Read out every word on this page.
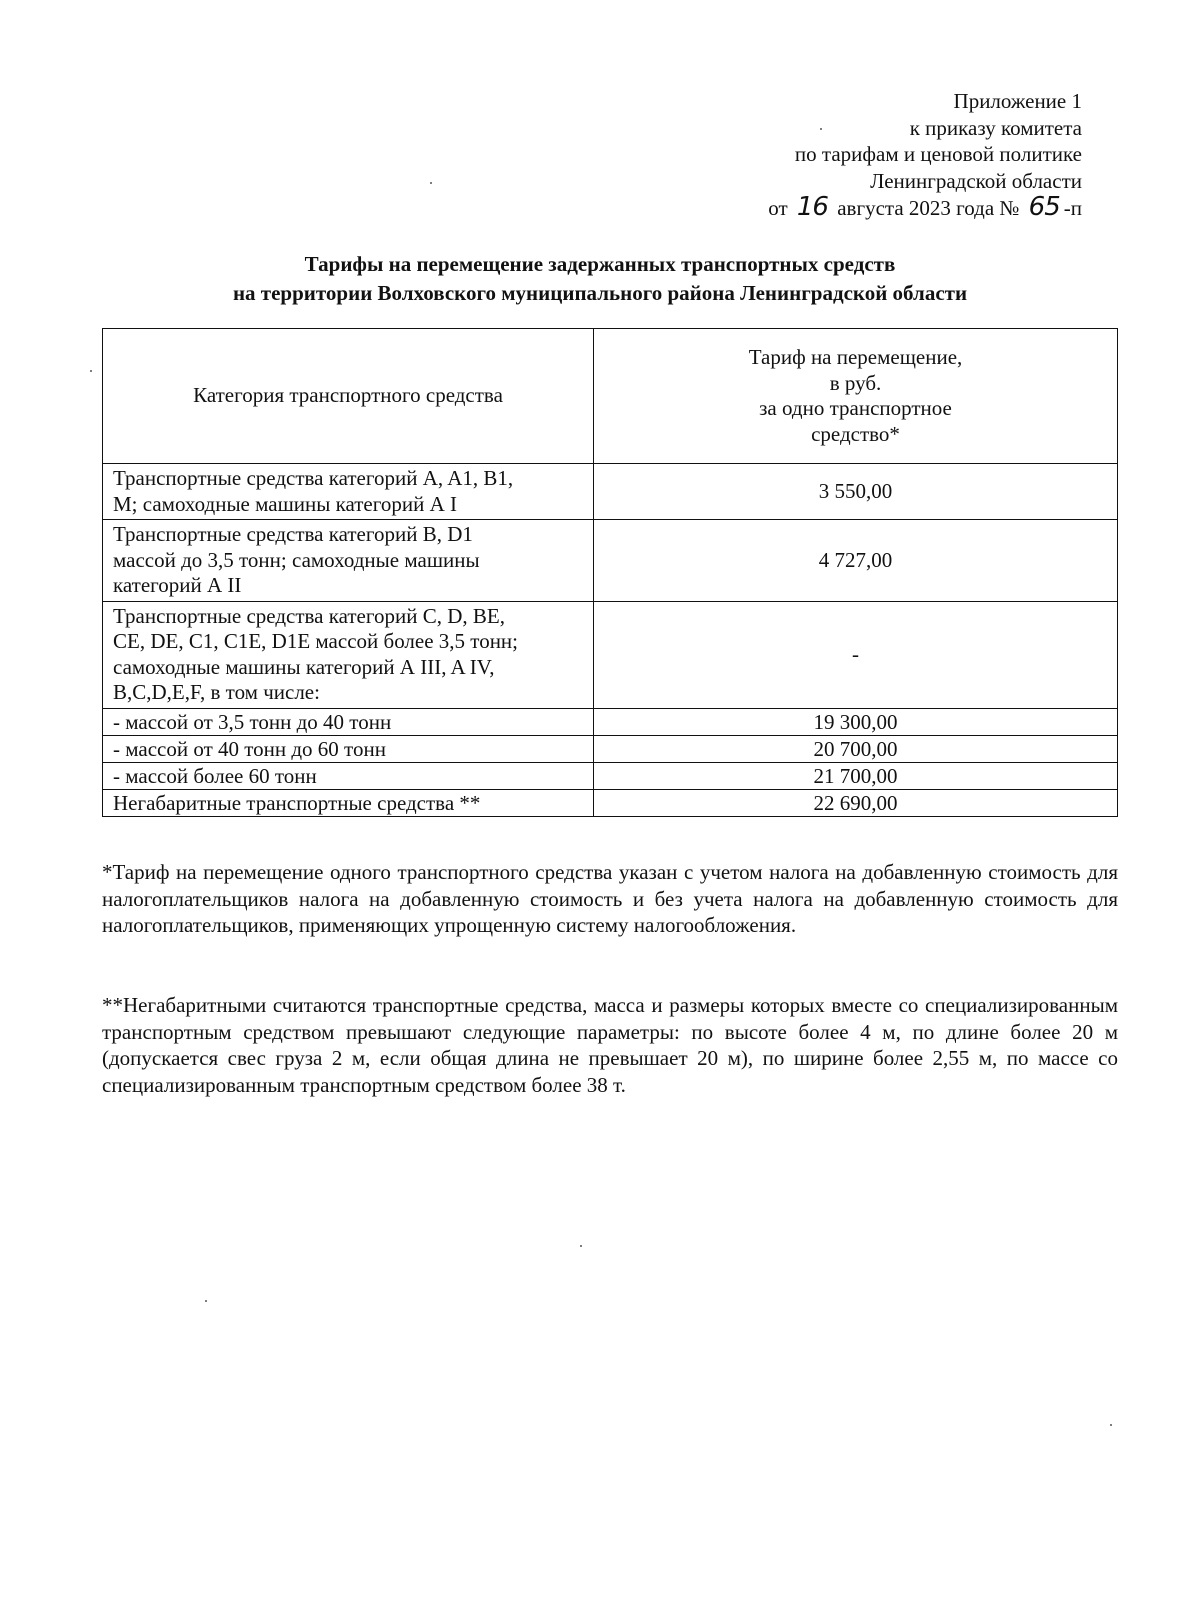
Приложение 1
к приказу комитета
по тарифам и ценовой политике
Ленинградской области
от 16 августа 2023 года № 65 -п
Тарифы на перемещение задержанных транспортных средств
на территории Волховского муниципального района Ленинградской области
Категория транспортного средства	Тариф на перемещение,
в руб.
за одно транспортное
средство*

Транспортные средства категорий A, A1, B1,
M; самоходные машины категорий А I	3 550,00

Транспортные средства категорий B, D1
массой до 3,5 тонн; самоходные машины
категорий А II	4 727,00

Транспортные средства категорий C, D, BE,
CE, DE, C1, C1E, D1E массой более 3,5 тонн;
самоходные машины категорий А III, A IV,
B,C,D,E,F, в том числе:	-
- массой от 3,5 тонн до 40 тонн	19 300,00
- массой от 40 тонн до 60 тонн	20 700,00
- массой более 60 тонн	21 700,00
Негабаритные транспортные средства **	22 690,00

*Тариф на перемещение одного транспортного средства указан с учетом налога на добавленную стоимость для налогоплательщиков налога на добавленную стоимость и без учета налога на добавленную стоимость для налогоплательщиков, применяющих упрощенную систему налогообложения.

**Негабаритными считаются транспортные средства, масса и размеры которых вместе со специализированным транспортным средством превышают следующие параметры: по высоте более 4 м, по длине более 20 м (допускается свес груза 2 м, если общая длина не превышает 20 м), по ширине более 2,55 м, по массе со специализированным транспортным средством более 38 т.
